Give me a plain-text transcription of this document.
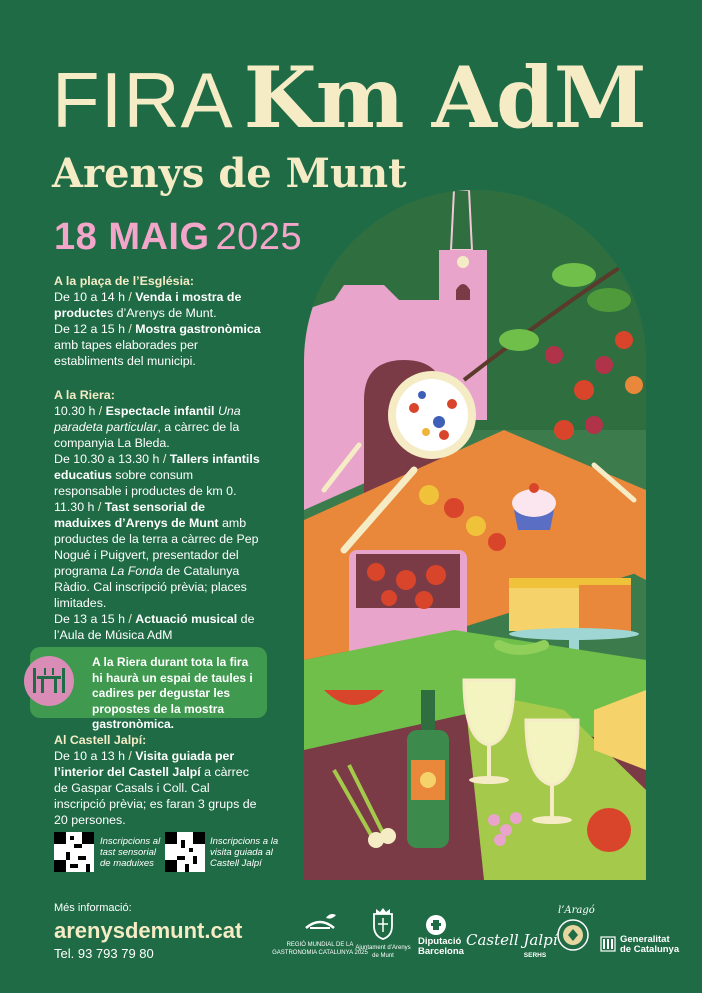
FIRA Km AdM
Arenys de Munt
18 MAIG 2025
A la plaça de l’Església:

De 10 a 14 h / Venda i mostra de productes d’Arenys de Munt.

De 12 a 15 h / Mostra gastronòmica amb tapes elaborades per establiments del municipi.

A la Riera:

10.30 h / Espectacle infantil Una paradeta particular, a càrrec de la companyia La Bleda.

De 10.30 a 13.30 h / Tallers infantils educatius sobre consum responsable i productes de km 0.

11.30 h / Tast sensorial de maduixes d’Arenys de Munt amb productes de la terra a càrrec de Pep Nogué i Puigvert, presentador del programa La Fonda de Catalunya Ràdio. Cal inscripció prèvia; places limitades.

De 13 a 15 h / Actuació musical de l’Aula de Música AdM

A la Riera durant tota la fira hi haurà un espai de taules i cadires per degustar les propostes de la mostra gastronòmica.
Al Castell Jalpí:

De 10 a 13 h / Visita guiada per l’interior del Castell Jalpí a càrrec de Gaspar Casals i Coll. Cal inscripció prèvia; es faran 3 grups de 20 persones.

Inscripcions al tast sensorial de maduixes
Inscripcions a la visita guiada al Castell Jalpí
Més informació:
arenysdemunt.cat
Tel. 93 793 79 80
REGIÓ MUNDIAL DE LA GASTRONOMIA CATALUNYA 2025
Ajuntament d’Arenys de Munt
Diputació
Barcelona
Castell Jalpí
SERHS
l’Aragó
Generalitat
de Catalunya
